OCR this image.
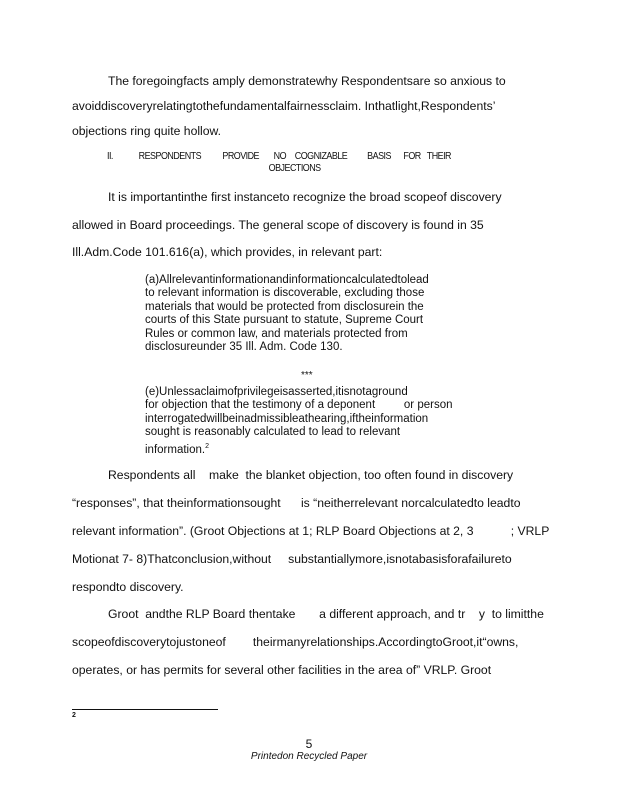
The foregoingfacts amply demonstratewhy Respondentsare so anxious to
avoiddiscoveryrelatingtothefundamentalfairnessclaim. Inthatlight,Respondents’
objections ring quite hollow.
II.	RESPONDENTS	PROVIDE	NO COGNIZABLE	BASIS	FOR THEIR
OBJECTIONS
It is importantinthe first instanceto recognize the broad scopeof discovery
allowed in Board proceedings. The general scope of discovery is found in 35
Ill.Adm.Code 101.616(a), which provides, in relevant part:

(a)Allrelevantinformationandinformationcalculatedtolead

to relevant information is discoverable, excluding those

materials that would be protected from disclosurein the

courts of this State pursuant to statute, Supreme Court

Rules or common law, and materials protected from

disclosureunder 35 Ill. Adm. Code 130.

***

(e)Unlessaclaimofprivilegeisasserted,itisnotaground

for objection that the testimony of a deponent         or person

interrogatedwillbeinadmissibleathearing,iftheinformation

sought is reasonably calculated to lead to relevant

information.$^2$

Respondents all    make  the blanket objection, too often found in discovery
“responses”, that theinformationsought      is “neitherrelevant norcalculatedto leadto
relevant information”. (Groot Objections at 1; RLP Board Objections at 2, 3           ; VRLP
Motionat 7- 8)Thatconclusion,without     substantiallymore,isnotabasisforafailureto
respondto discovery.
Groot  andthe RLP Board thentake       a different approach, and tr    y  to limitthe
scopeofdiscoverytojustoneof        theirmanyrelationships.AccordingtoGroot,it“owns,
operates, or has permits for several other facilities in the area of” VRLP. Groot
2
5
Printedon Recycled Paper
